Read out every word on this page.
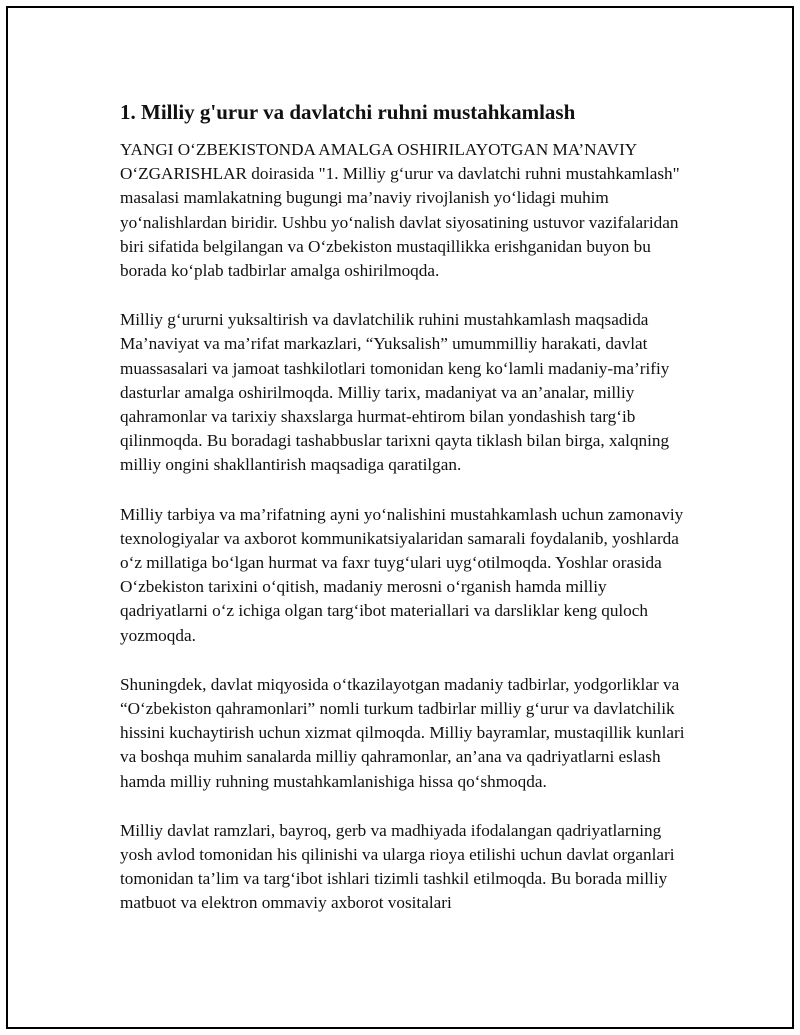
1. Milliy g'urur va davlatchi ruhni mustahkamlash

YANGI O‘ZBEKISTONDA AMALGA OSHIRILAYOTGAN MA’NAVIY O‘ZGARISHLAR doirasida "1. Milliy g‘urur va davlatchi ruhni mustahkamlash" masalasi mamlakatning bugungi ma’naviy rivojlanish yo‘lidagi muhim yo‘nalishlardan biridir. Ushbu yo‘nalish davlat siyosatining ustuvor vazifalaridan biri sifatida belgilangan va O‘zbekiston mustaqillikka erishganidan buyon bu borada ko‘plab tadbirlar amalga oshirilmoqda.

Milliy g‘ururni yuksaltirish va davlatchilik ruhini mustahkamlash maqsadida Ma’naviyat va ma’rifat markazlari, “Yuksalish” umummilliy harakati, davlat muassasalari va jamoat tashkilotlari tomonidan keng ko‘lamli madaniy-ma’rifiy dasturlar amalga oshirilmoqda. Milliy tarix, madaniyat va an’analar, milliy qahramonlar va tarixiy shaxslarga hurmat-ehtirom bilan yondashish targ‘ib qilinmoqda. Bu boradagi tashabbuslar tarixni qayta tiklash bilan birga, xalqning milliy ongini shakllantirish maqsadiga qaratilgan.

Milliy tarbiya va ma’rifatning ayni yo‘nalishini mustahkamlash uchun zamonaviy texnologiyalar va axborot kommunikatsiyalaridan samarali foydalanib, yoshlarda o‘z millatiga bo‘lgan hurmat va faxr tuyg‘ulari uyg‘otilmoqda. Yoshlar orasida O‘zbekiston tarixini o‘qitish, madaniy merosni o‘rganish hamda milliy qadriyatlarni o‘z ichiga olgan targ‘ibot materiallari va darsliklar keng quloch yozmoqda.

Shuningdek, davlat miqyosida o‘tkazilayotgan madaniy tadbirlar, yodgorliklar va “O‘zbekiston qahramonlari” nomli turkum tadbirlar milliy g‘urur va davlatchilik hissini kuchaytirish uchun xizmat qilmoqda. Milliy bayramlar, mustaqillik kunlari va boshqa muhim sanalarda milliy qahramonlar, an’ana va qadriyatlarni eslash hamda milliy ruhning mustahkamlanishiga hissa qo‘shmoqda.

Milliy davlat ramzlari, bayroq, gerb va madhiyada ifodalangan qadriyatlarning yosh avlod tomonidan his qilinishi va ularga rioya etilishi uchun davlat organlari tomonidan ta’lim va targ‘ibot ishlari tizimli tashkil etilmoqda. Bu borada milliy matbuot va elektron ommaviy axborot vositalari
